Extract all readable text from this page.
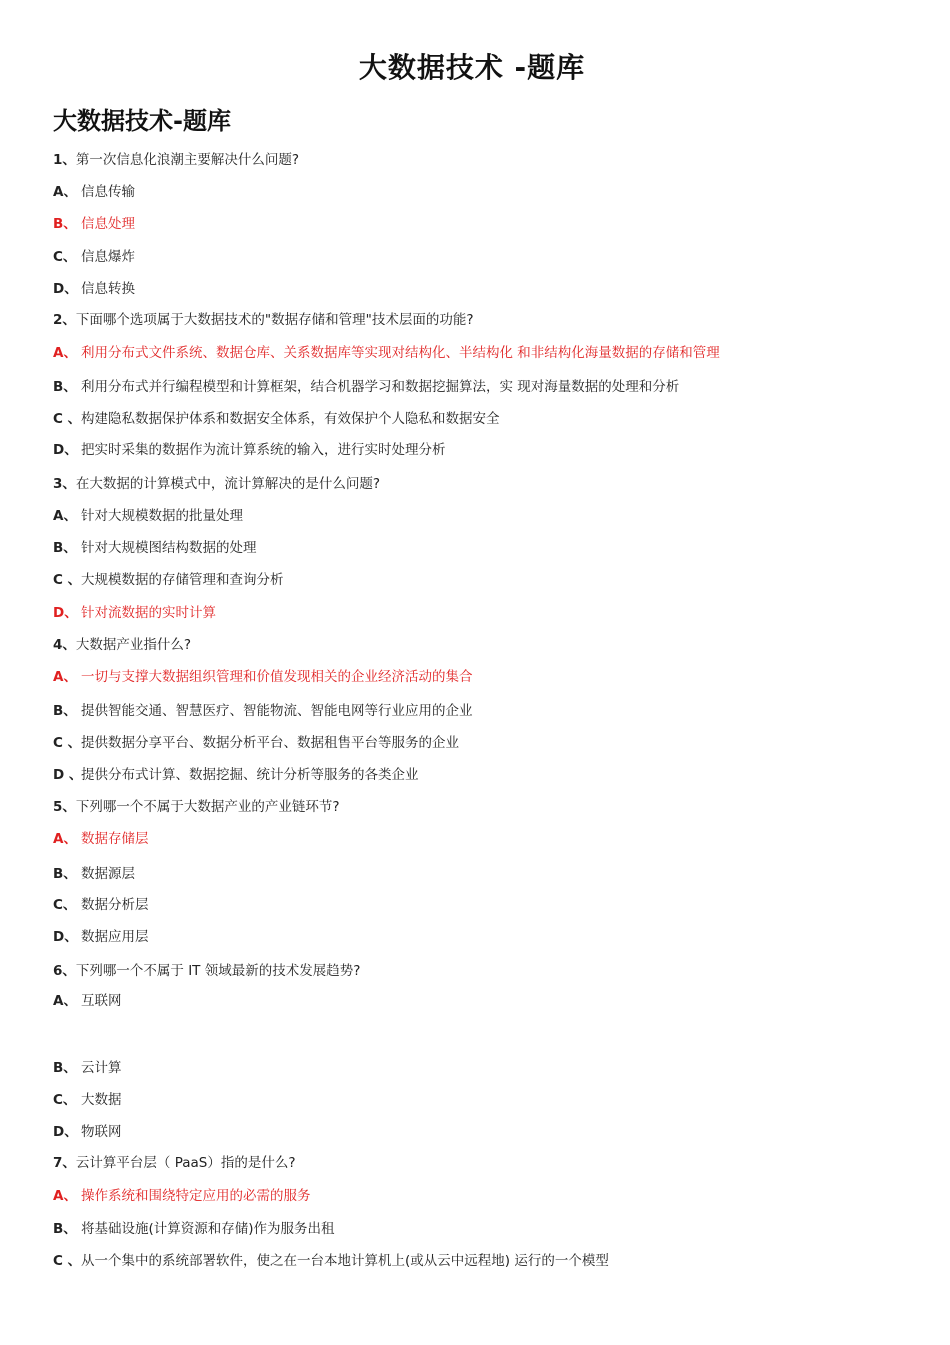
大数据技术 -题库
大数据技术-题库
1、第一次信息化浪潮主要解决什么问题?
A、 信息传输
B、 信息处理
C、 信息爆炸
D、 信息转换
2、下面哪个选项属于大数据技术的"数据存储和管理"技术层面的功能?
A、 利用分布式文件系统、数据仓库、关系数据库等实现对结构化、半结构化 和非结构化海量数据的存储和管理
B、 利用分布式并行编程模型和计算框架，结合机器学习和数据挖掘算法，实 现对海量数据的处理和分析
C 、构建隐私数据保护体系和数据安全体系，有效保护个人隐私和数据安全
D、 把实时采集的数据作为流计算系统的输入，进行实时处理分析
3、在大数据的计算模式中，流计算解决的是什么问题?
A、 针对大规模数据的批量处理
B、 针对大规模图结构数据的处理
C 、大规模数据的存储管理和查询分析
D、 针对流数据的实时计算
4、大数据产业指什么?
A、 一切与支撑大数据组织管理和价值发现相关的企业经济活动的集合
B、 提供智能交通、智慧医疗、智能物流、智能电网等行业应用的企业
C 、提供数据分享平台、数据分析平台、数据租售平台等服务的企业
D 、提供分布式计算、数据挖掘、统计分析等服务的各类企业
5、下列哪一个不属于大数据产业的产业链环节?
A、 数据存储层
B、 数据源层
C、 数据分析层
D、 数据应用层
6、下列哪一个不属于 IT 领域最新的技术发展趋势?
A、 互联网
B、 云计算
C、 大数据
D、 物联网
7、云计算平台层（ PaaS）指的是什么?
A、 操作系统和围绕特定应用的必需的服务
B、 将基础设施(计算资源和存储)作为服务出租
C 、从一个集中的系统部署软件，使之在一台本地计算机上(或从云中远程地) 运行的一个模型
